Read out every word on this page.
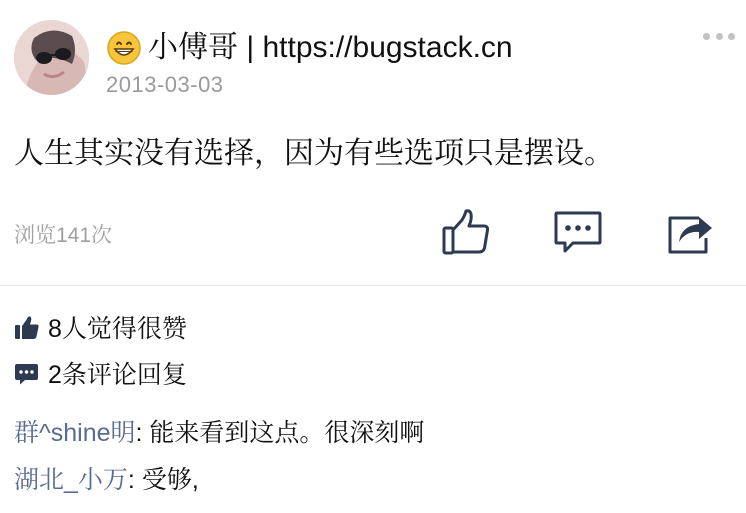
小傅哥 | https://bugstack.cn
2013-03-03
人生其实没有选择，因为有些选项只是摆设。
浏览141次
8人觉得很赞
2条评论回复
群^shine明: 能来看到这点。很深刻啊
湖北_小万: 受够,
